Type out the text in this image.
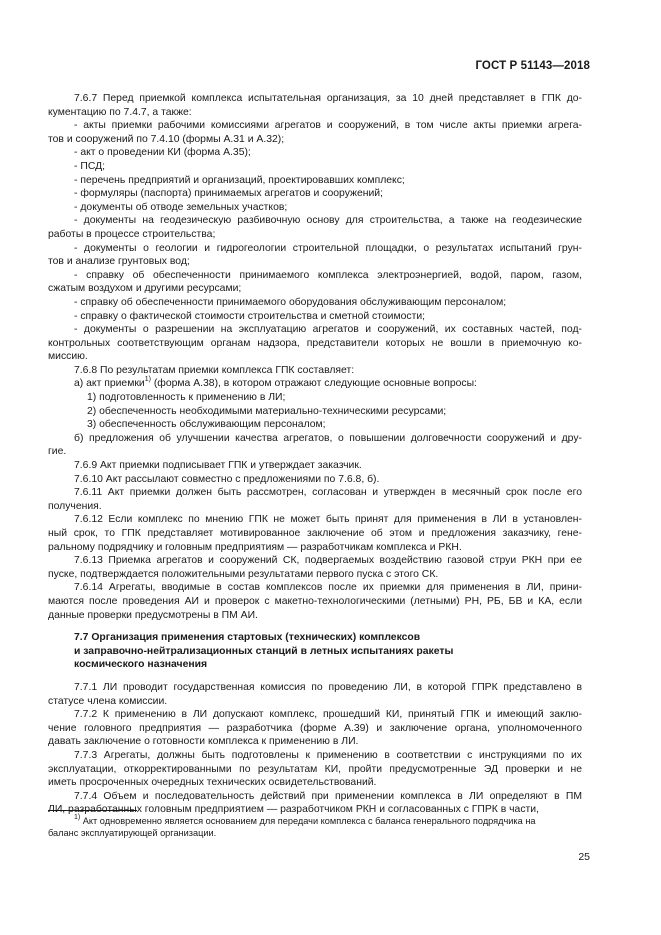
ГОСТ Р 51143—2018

7.6.7 Перед приемкой комплекса испытательная организация, за 10 дней представляет в ГПК до-

кументацию по 7.4.7, а также:

- акты приемки рабочими комиссиями агрегатов и сооружений, в том числе акты приемки агрега-

тов и сооружений по 7.4.10 (формы А.31 и А.32);

- акт о проведении КИ (форма А.35);

- ПСД;

- перечень предприятий и организаций, проектировавших комплекс;

- формуляры (паспорта) принимаемых агрегатов и сооружений;

- документы об отводе земельных участков;

- документы на геодезическую разбивочную основу для строительства, а также на геодезические

работы в процессе строительства;

- документы о геологии и гидрогеологии строительной площадки, о результатах испытаний грун-

тов и анализе грунтовых вод;

- справку об обеспеченности принимаемого комплекса электроэнергией, водой, паром, газом,

сжатым воздухом и другими ресурсами;

- справку об обеспеченности принимаемого оборудования обслуживающим персоналом;

- справку о фактической стоимости строительства и сметной стоимости;

- документы о разрешении на эксплуатацию агрегатов и сооружений, их составных частей, под-

контрольных соответствующим органам надзора, представители которых не вошли в приемочную ко-

миссию.

7.6.8 По результатам приемки комплекса ГПК составляет:

а) акт приемки$^{1)}$ (форма А.38), в котором отражают следующие основные вопросы:

1) подготовленность к применению в ЛИ;

2) обеспеченность необходимыми материально-техническими ресурсами;

3) обеспеченность обслуживающим персоналом;

б) предложения об улучшении качества агрегатов, о повышении долговечности сооружений и дру-

гие.

7.6.9 Акт приемки подписывает ГПК и утверждает заказчик.

7.6.10 Акт рассылают совместно с предложениями по 7.6.8, б).

7.6.11 Акт приемки должен быть рассмотрен, согласован и утвержден в месячный срок после его

получения.

7.6.12 Если комплекс по мнению ГПК не может быть принят для применения в ЛИ в установлен-

ный срок, то ГПК представляет мотивированное заключение об этом и предложения заказчику, гене-

ральному подрядчику и головным предприятиям — разработчикам комплекса и РКН.

7.6.13 Приемка агрегатов и сооружений СК, подвергаемых воздействию газовой струи РКН при ее

пуске, подтверждается положительными результатами первого пуска с этого СК.

7.6.14 Агрегаты, вводимые в состав комплексов после их приемки для применения в ЛИ, прини-

маются после проведения АИ и проверок с макетно-технологическими (летными) РН, РБ, БВ и КА, если

данные проверки предусмотрены в ПМ АИ.

7.7 Организация применения стартовых (технических) комплексов

и заправочно-нейтрализационных станций в летных испытаниях ракеты

космического назначения

7.7.1 ЛИ проводит государственная комиссия по проведению ЛИ, в которой ГПРК представлено в

статусе члена комиссии.

7.7.2 К применению в ЛИ допускают комплекс, прошедший КИ, принятый ГПК и имеющий заклю-

чение головного предприятия — разработчика (форме А.39) и заключение органа, уполномоченного

давать заключение о готовности комплекса к применению в ЛИ.

7.7.3 Агрегаты, должны быть подготовлены к применению в соответствии с инструкциями по их

эксплуатации, откорректированными по результатам КИ, пройти предусмотренные ЭД проверки и не

иметь просроченных очередных технических освидетельствований.

7.7.4 Объем и последовательность действий при применении комплекса в ЛИ определяют в ПМ

ЛИ, разработанных головным предприятием — разработчиком РКН и согласованных с ГПРК в части,

$^{1)}$ Акт одновременно является основанием для передачи комплекса с баланса генерального подрядчика на

баланс эксплуатирующей организации.

25
